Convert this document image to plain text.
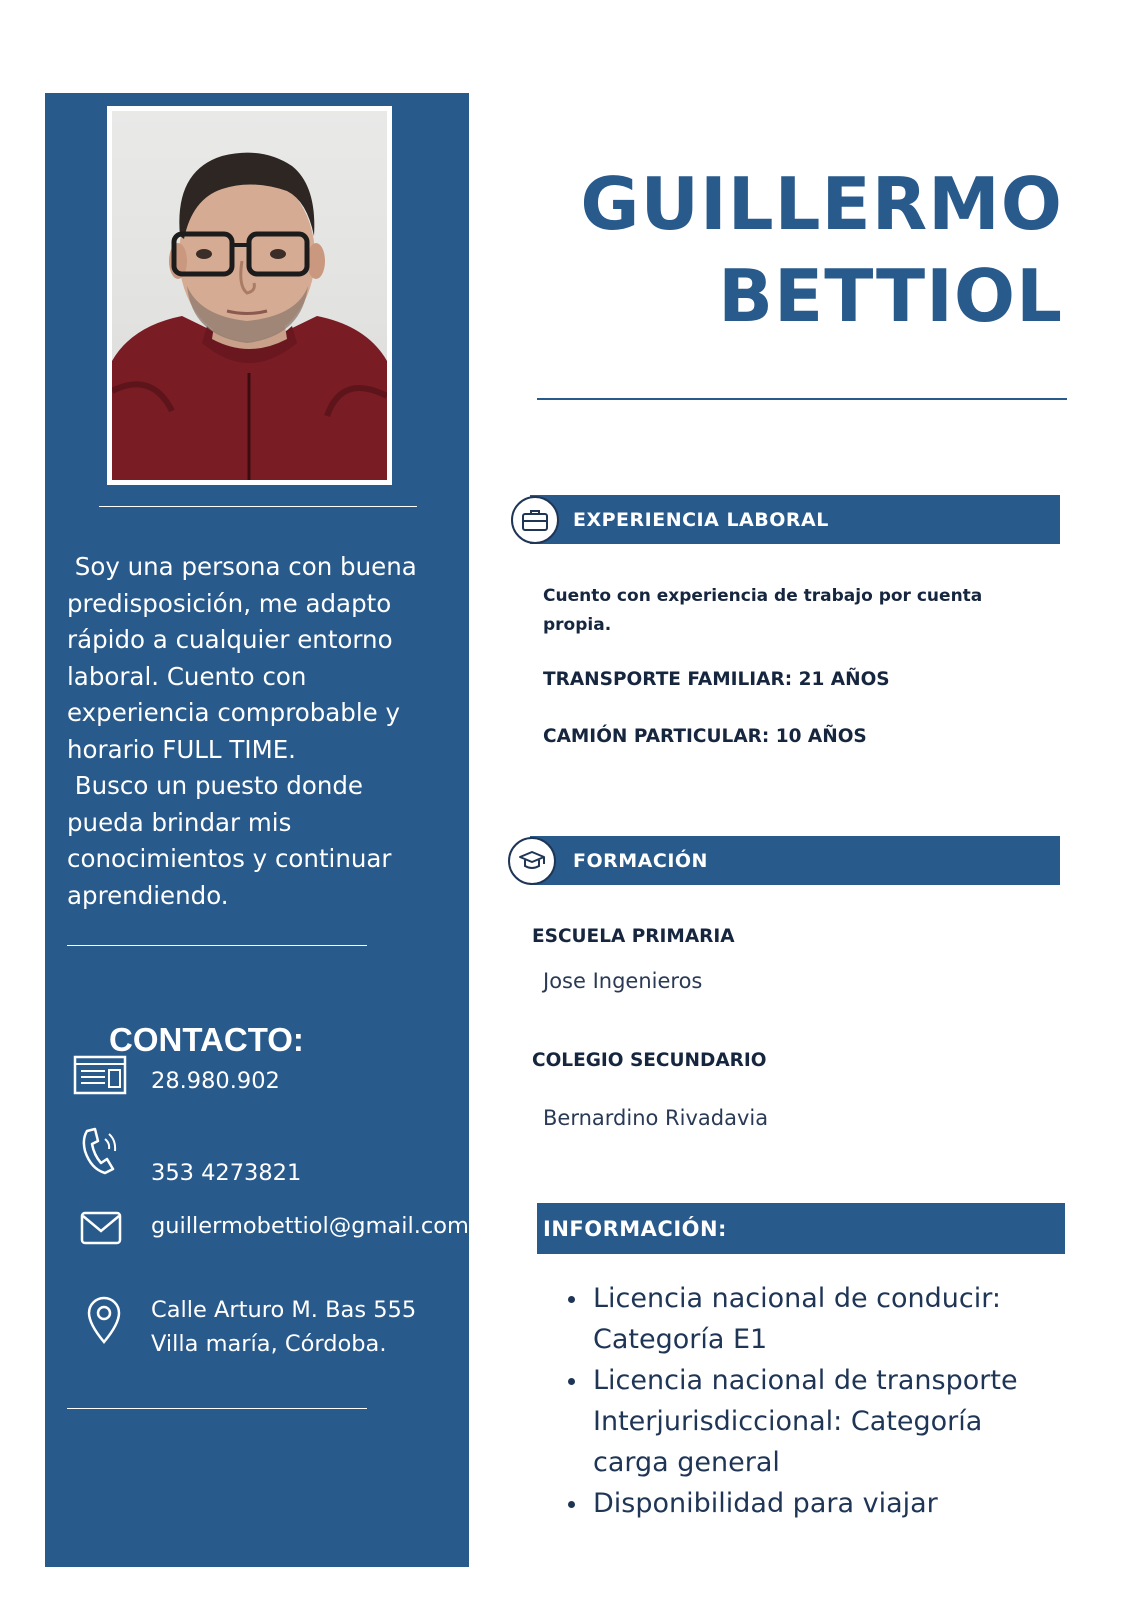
Soy una persona con buena
predisposición, me adapto
rápido a cualquier entorno
laboral. Cuento con
experiencia comprobable y
horario FULL TIME.
Busco un puesto donde
pueda brindar mis
conocimientos y continuar
aprendiendo.

CONTACTO:
28.980.902
353 4273821
guillermobettiol@gmail.com
Calle Arturo M. Bas 555
Villa maría, Córdoba.
GUILLERMO
BETTIOL
EXPERIENCIA LABORAL
Cuento con experiencia de trabajo por cuenta
propia.
TRANSPORTE FAMILIAR: 21 AÑOS
CAMIÓN PARTICULAR: 10 AÑOS
FORMACIÓN
ESCUELA PRIMARIA
Jose Ingenieros
COLEGIO SECUNDARIO
Bernardino Rivadavia
INFORMACIÓN:
Licencia nacional de conducir: Categoría E1
Licencia nacional de transporte Interjurisdiccional: Categoría carga general
Disponibilidad para viajar
